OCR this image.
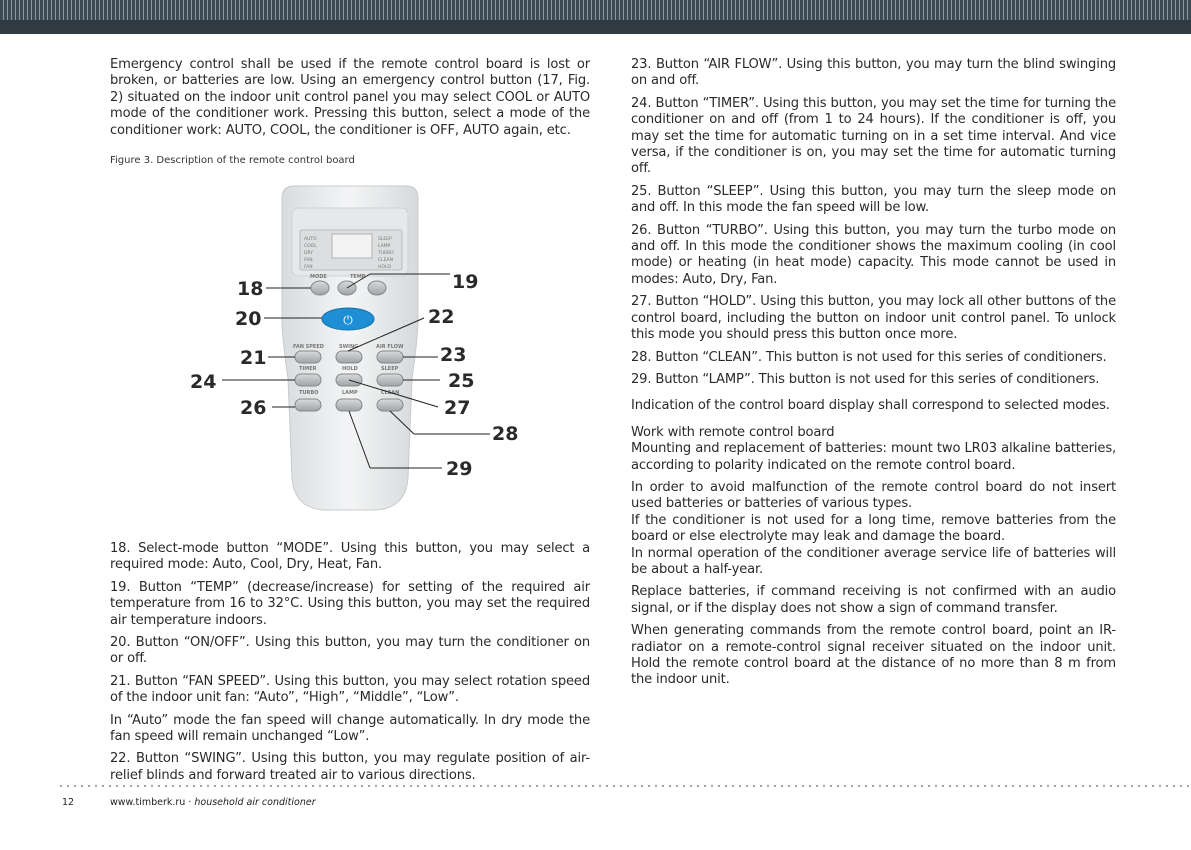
Emergency control shall be used if the remote control board is lost or broken, or batteries are low. Using an emergency control button (17, Fig. 2) situated on the indoor unit control panel you may select COOL or AUTO mode of the conditioner work. Pressing this button, select a mode of the conditioner work: AUTO, COOL, the conditioner is OFF, AUTO again, etc.

Figure 3. Description of the remote control board
AUTO
COOL
DRY
FAN
FAN
SLEEP
LAMP
TURBO
CLEAN
HOLD
MODE	TEMP
⏻
FAN SPEED	SWING	AIR FLOW
TIMER	HOLD	SLEEP
TURBO	LAMP	CLEAN
18	19
20	22
21	23
24	25
26	27
28
29

18. Select-mode button “MODE”. Using this button, you may select a required mode: Auto, Cool, Dry, Heat, Fan.

19. Button “TEMP” (decrease/increase) for setting of the required air temperature from 16 to 32°C. Using this button, you may set the required air temperature indoors.

20. Button “ON/OFF”. Using this button, you may turn the conditioner on or off.

21. Button “FAN SPEED”. Using this button, you may select rotation speed of the indoor unit fan: “Auto”, “High”, “Middle”, “Low”.

In “Auto” mode the fan speed will change automatically. In dry mode the fan speed will remain unchanged “Low”.

22. Button “SWING”. Using this button, you may regulate position of air-relief blinds and forward treated air to various directions.

23. Button “AIR FLOW”. Using this button, you may turn the blind swinging on and off.

24. Button “TIMER”. Using this button, you may set the time for turning the conditioner on and off (from 1 to 24 hours). If the conditioner is off, you may set the time for automatic turning on in a set time interval. And vice versa, if the conditioner is on, you may set the time for automatic turning off.

25. Button “SLEEP”. Using this button, you may turn the sleep mode on and off. In this mode the fan speed will be low.

26. Button “TURBO”. Using this button, you may turn the turbo mode on and off. In this mode the conditioner shows the maximum cooling (in cool mode) or heating (in heat mode) capacity. This mode cannot be used in modes: Auto, Dry, Fan.

27. Button “HOLD”. Using this button, you may lock all other buttons of the control board, including the button on indoor unit control panel. To unlock this mode you should press this button once more.

28. Button “CLEAN”. This button is not used for this series of conditioners.

29. Button “LAMP”. This button is not used for this series of conditioners.

Indication of the control board display shall correspond to selected modes.

Work with remote control board

Mounting and replacement of batteries: mount two LR03 alkaline batteries, according to polarity indicated on the remote control board.

In order to avoid malfunction of the remote control board do not insert used batteries or batteries of various types.

If the conditioner is not used for a long time, remove batteries from the board or else electrolyte may leak and damage the board.

In normal operation of the conditioner average service life of batteries will be about a half-year.

Replace batteries, if command receiving is not confirmed with an audio signal, or if the display does not show a sign of command transfer.

When generating commands from the remote control board, point an IR-radiator on a remote-control signal receiver situated on the indoor unit. Hold the remote control board at the distance of no more than 8 m from the indoor unit.

12	www.timberk.ru · household air conditioner
